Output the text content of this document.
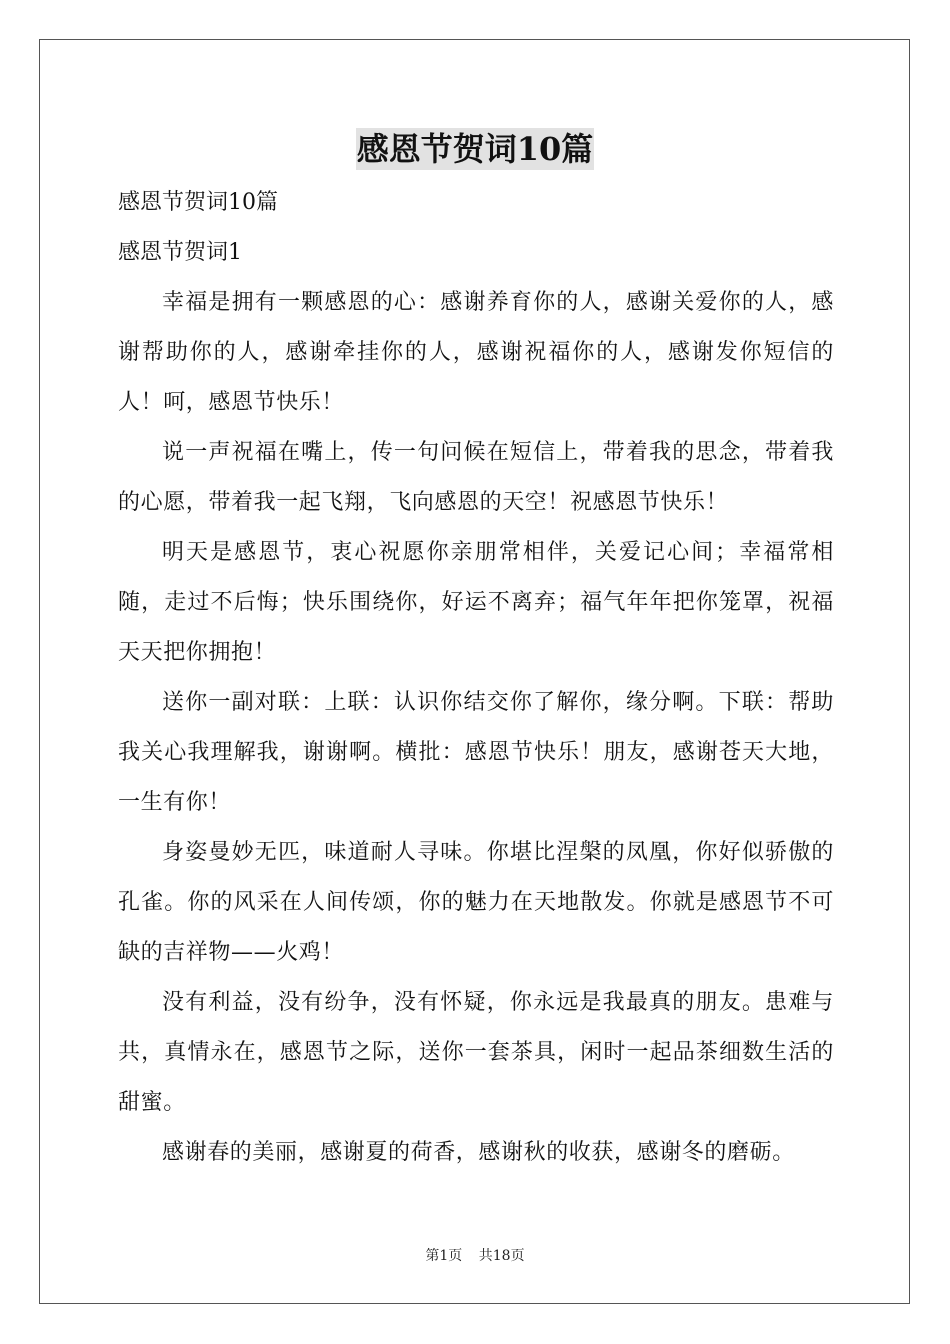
感恩节贺词10篇

感恩节贺词10篇

感恩节贺词1

幸福是拥有一颗感恩的心：感谢养育你的人，感谢关爱你的人，感谢帮助你的人，感谢牵挂你的人，感谢祝福你的人，感谢发你短信的人！呵，感恩节快乐！

说一声祝福在嘴上，传一句问候在短信上，带着我的思念，带着我的心愿，带着我一起飞翔，飞向感恩的天空！祝感恩节快乐！

明天是感恩节，衷心祝愿你亲朋常相伴，关爱记心间；幸福常相随，走过不后悔；快乐围绕你，好运不离弃；福气年年把你笼罩，祝福天天把你拥抱！

送你一副对联：上联：认识你结交你了解你，缘分啊。下联：帮助我关心我理解我，谢谢啊。横批：感恩节快乐！朋友，感谢苍天大地，一生有你！

身姿曼妙无匹，味道耐人寻味。你堪比涅槃的凤凰，你好似骄傲的孔雀。你的风采在人间传颂，你的魅力在天地散发。你就是感恩节不可缺的吉祥物——火鸡！

没有利益，没有纷争，没有怀疑，你永远是我最真的朋友。患难与共，真情永在，感恩节之际，送你一套茶具，闲时一起品茶细数生活的甜蜜。

感谢春的美丽，感谢夏的荷香，感谢秋的收获，感谢冬的磨砺。

第1页 共18页
